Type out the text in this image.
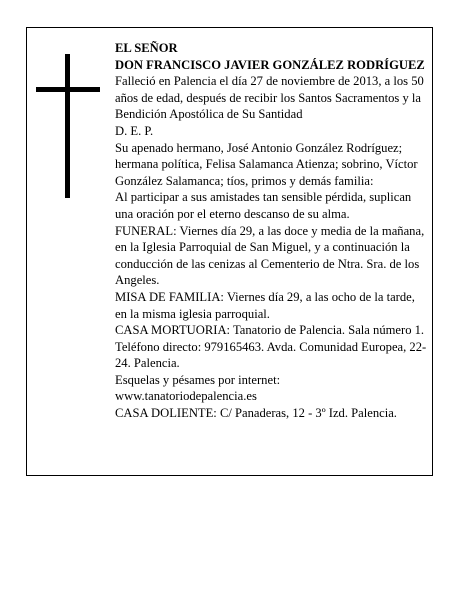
EL SEÑOR

DON FRANCISCO JAVIER GONZÁLEZ RODRÍGUEZ

Falleció en Palencia el día 27 de noviembre de 2013, a los 50 años de edad, después de recibir los Santos Sacramentos y la Bendición Apostólica de Su Santidad

D. E. P.

Su apenado hermano, José Antonio González Rodríguez; hermana política, Felisa Salamanca Atienza; sobrino, Víctor González Salamanca; tíos, primos y demás familia:

Al participar a sus amistades tan sensible pérdida, suplican una oración por el eterno descanso de su alma.

FUNERAL: Viernes día 29, a las doce y media de la mañana, en la Iglesia Parroquial de San Miguel, y a continuación la conducción de las cenizas al Cementerio de Ntra. Sra. de los Angeles.

MISA DE FAMILIA: Viernes día 29, a las ocho de la tarde, en la misma iglesia parroquial.

CASA MORTUORIA: Tanatorio de Palencia. Sala número 1. Teléfono directo: 979165463. Avda. Comunidad Europea, 22-24. Palencia.

Esquelas y pésames por internet:

www.tanatoriodepalencia.es

CASA DOLIENTE: C/ Panaderas, 12 - 3º Izd. Palencia.
